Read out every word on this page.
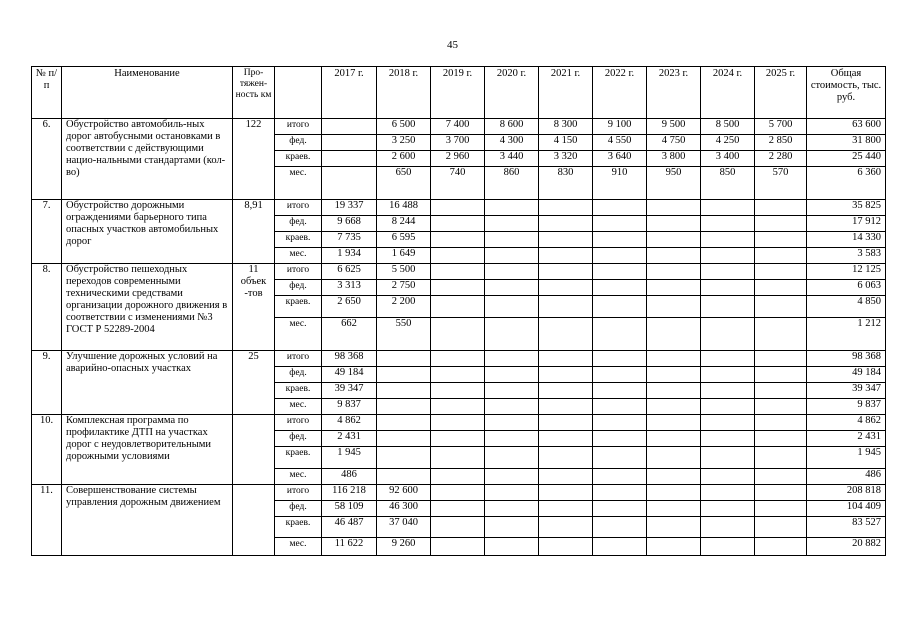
45
№ п/п	Наименование	Про-тяжен-ность км		2017 г.	2018 г.	2019 г.	2020 г.	2021 г.	2022 г.	2023 г.	2024 г.	2025 г.	Общая стоимость, тыс. руб.
6.	Обустройство автомобиль-ных дорог автобусными остановками в соответствии с действующими нацио-нальными стандартами (кол-во)	122	итого		6 500	7 400	8 600	8 300	9 100	9 500	8 500	5 700	63 600
			фед.		3 250	3 700	4 300	4 150	4 550	4 750	4 250	2 850	31 800
			краев.		2 600	2 960	3 440	3 320	3 640	3 800	3 400	2 280	25 440
			мес.		650	740	860	830	910	950	850	570	6 360
7.	Обустройство дорожными ограждениями барьерного типа опасных участков автомобильных дорог	8,91	итого	19 337	16 488								35 825
			фед.	9 668	8 244								17 912
			краев.	7 735	6 595								14 330
			мес.	1 934	1 649								3 583
8.	Обустройство пешеходных переходов современными техническими средствами организации дорожного движения в соответствии с изменениями №3 ГОСТ Р 52289-2004	11 объек -тов	итого	6 625	5 500								12 125
			фед.	3 313	2 750								6 063
			краев.	2 650	2 200								4 850
			мес.	662	550								1 212
9.	Улучшение дорожных условий на аварийно-опасных участках	25	итого	98 368									98 368
			фед.	49 184									49 184
			краев.	39 347									39 347
			мес.	9 837									9 837
10.	Комплексная программа по профилактике ДТП на участках дорог с неудовлетворительными дорожными условиями		итого	4 862									4 862
			фед.	2 431									2 431
			краев.	1 945									1 945
			мес.	486									486
11.	Совершенствование системы управления дорожным движением		итого	116 218	92 600								208 818
			фед.	58 109	46 300								104 409
			краев.	46 487	37 040								83 527
			мес.	11 622	9 260								20 882
